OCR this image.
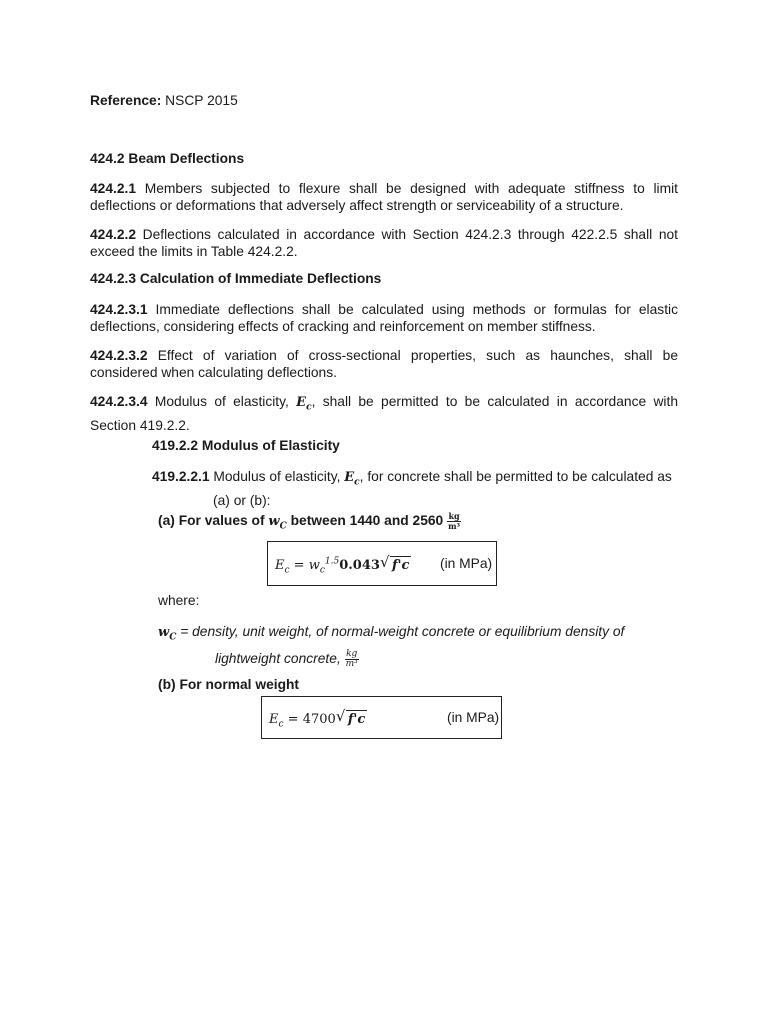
Reference: NSCP 2015
424.2 Beam Deflections
424.2.1 Members subjected to flexure shall be designed with adequate stiffness to limit deflections or deformations that adversely affect strength or serviceability of a structure.
424.2.2 Deflections calculated in accordance with Section 424.2.3 through 422.2.5 shall not exceed the limits in Table 424.2.2.
424.2.3 Calculation of Immediate Deflections
424.2.3.1 Immediate deflections shall be calculated using methods or formulas for elastic deflections, considering effects of cracking and reinforcement on member stiffness.
424.2.3.2 Effect of variation of cross-sectional properties, such as haunches, shall be considered when calculating deflections.
424.2.3.4 Modulus of elasticity, $E_c$, shall be permitted to be calculated in accordance with Section 419.2.2.
419.2.2 Modulus of Elasticity
419.2.2.1 Modulus of elasticity, $E_c$, for concrete shall be permitted to be calculated as
(a) or (b):
(a) For values of $w_C$ between 1440 and $2560 \frac{kg}{\text{m³}}$
$E_c = w_c^{1.5}0.043$ √ f'c (in MPa)
where:
$w_C$ = density, unit weight, of normal-weight concrete or equilibrium density of
lightweight concrete, $\frac{kg}{\text{m³}}$
(b) For normal weight
$E_c = 4700$ √ f'c	(in MPa)
